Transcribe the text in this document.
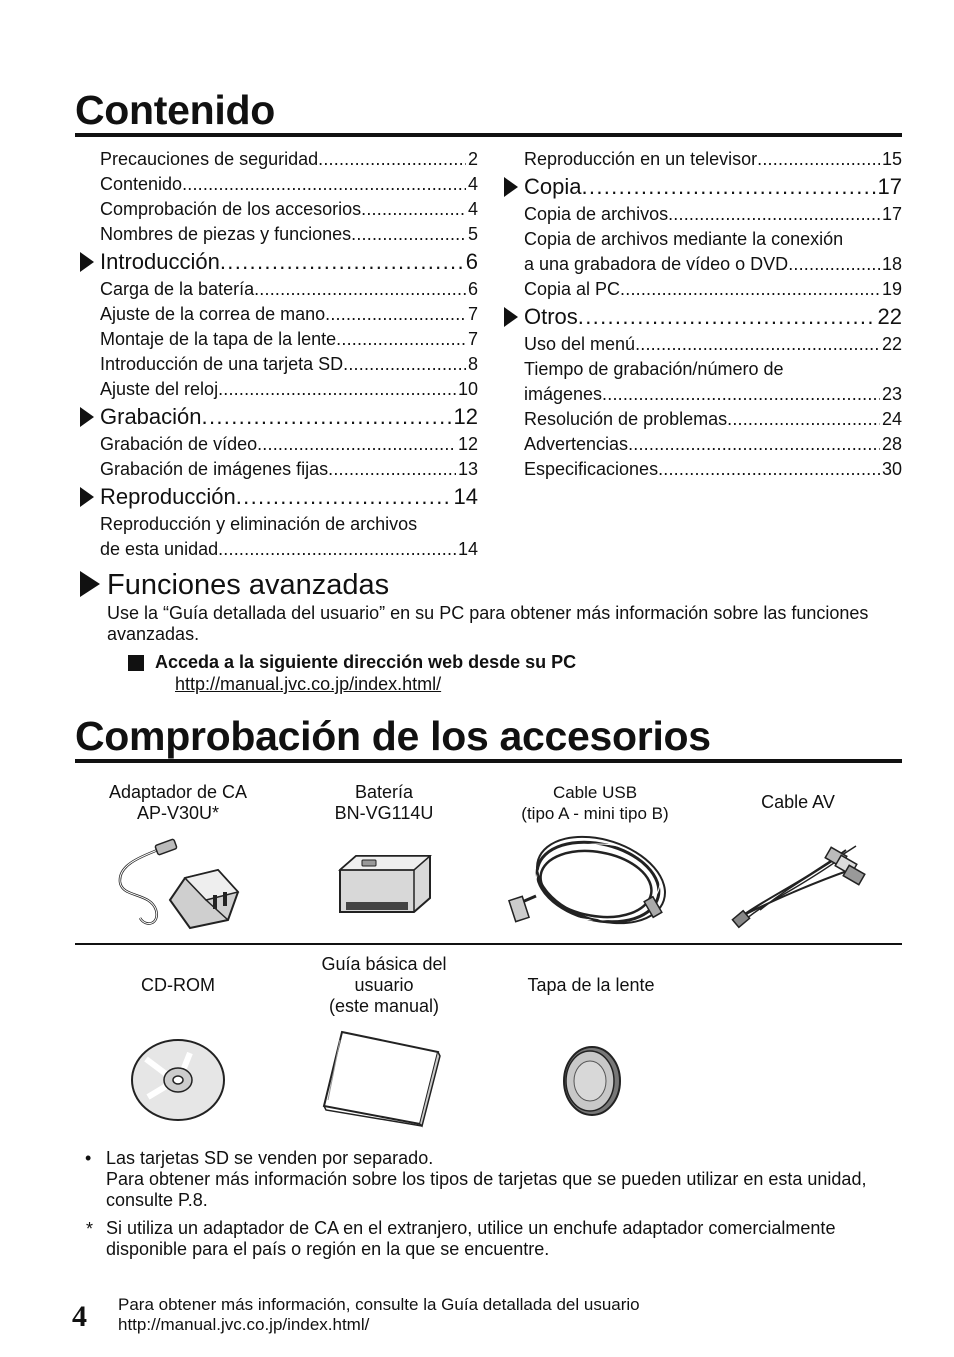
Contenido
Precauciones de seguridad . . .	2
Contenido . . .	4
Comprobación de los accesorios . . .	4
Nombres de piezas y funciones . . .	5
Introducción . . .	6
Carga de la batería . . .	6
Ajuste de la correa de mano . . .	7
Montaje de la tapa de la lente . . .	7
Introducción de una tarjeta SD . . .	8
Ajuste del reloj . . .	10
Grabación . . .	12
Grabación de vídeo . . .	12
Grabación de imágenes fijas . . .	13
Reproducción . . .	14
Reproducción y eliminación de archivos
de esta unidad . . .	14
Reproducción en un televisor . . .	15
Copia . . .	17
Copia de archivos . . .	17
Copia de archivos mediante la conexión
a una grabadora de vídeo o DVD . . .	18
Copia al PC . . .	19
Otros . . .	22
Uso del menú . . .	22
Tiempo de grabación/número de
imágenes . . .	23
Resolución de problemas . . .	24
Advertencias . . .	28
Especificaciones . . .	30
Funciones avanzadas
Use la “Guía detallada del usuario” en su PC para obtener más información sobre las funciones avanzadas.
Acceda a la siguiente dirección web desde su PC
http://manual.jvc.co.jp/index.html/
Comprobación de los accesorios
Adaptador de CA
AP-V30U*
Batería
BN-VG114U
Cable USB
(tipo A - mini tipo B)
Cable AV
CD-ROM
Guía básica del
usuario
(este manual)
Tapa de la lente
• Las tarjetas SD se venden por separado.
Para obtener más información sobre los tipos de tarjetas que se pueden utilizar en esta unidad, consulte P.8.
* Si utiliza un adaptador de CA en el extranjero, utilice un enchufe adaptador comercialmente disponible para el país o región en la que se encuentre.
4 Para obtener más información, consulte la Guía detallada del usuario
http://manual.jvc.co.jp/index.html/
